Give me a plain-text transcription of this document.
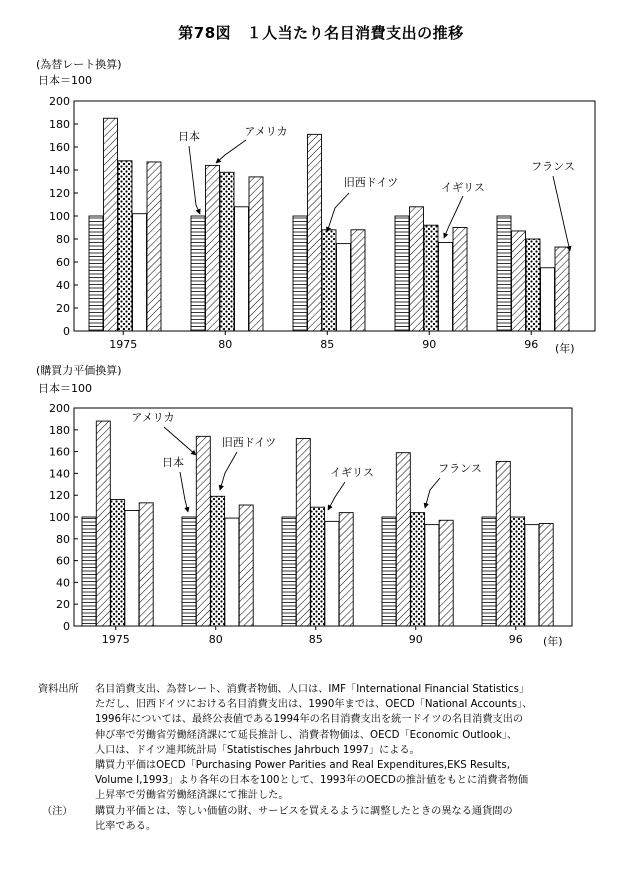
第78図　１人当たり名目消費支出の推移
(為替レート換算)
日本＝100
(年)
(購買力平価換算)
日本＝100
(年)
0
20
40
60
80
100
120
140
160
180
200
1975	80	85	90	96
日本	アメリカ
旧西ドイツ	イギリス
フランス
0
20
40
60
80
100
120
140
160
180
200
1975	80	85	90	96
アメリカ
日本
旧西ドイツ
イギリス	フランス
資料出所	名目消費支出、為替レート、消費者物価、人口は、IMF「International Financial Statistics」
ただし、旧西ドイツにおける名目消費支出は、1990年までは、OECD「National Accounts」、
1996年については、最終公表値である1994年の名目消費支出を統一ドイツの名目消費支出の
伸び率で労働省労働経済課にて延長推計し、消費者物価は、OECD「Economic Outlook」、
人口は、ドイツ連邦統計局「Statistisches Jahrbuch 1997」による。
購買力平価はOECD「Purchasing Power Parities and Real Expenditures,EKS Results,
Volume Ⅰ,1993」より各年の日本を100として、1993年のOECDの推計値をもとに消費者物価
上昇率で労働省労働経済課にて推計した。
（注）	購買力平価とは、等しい価値の財、サービスを買えるように調整したときの異なる通貨間の
比率である。
